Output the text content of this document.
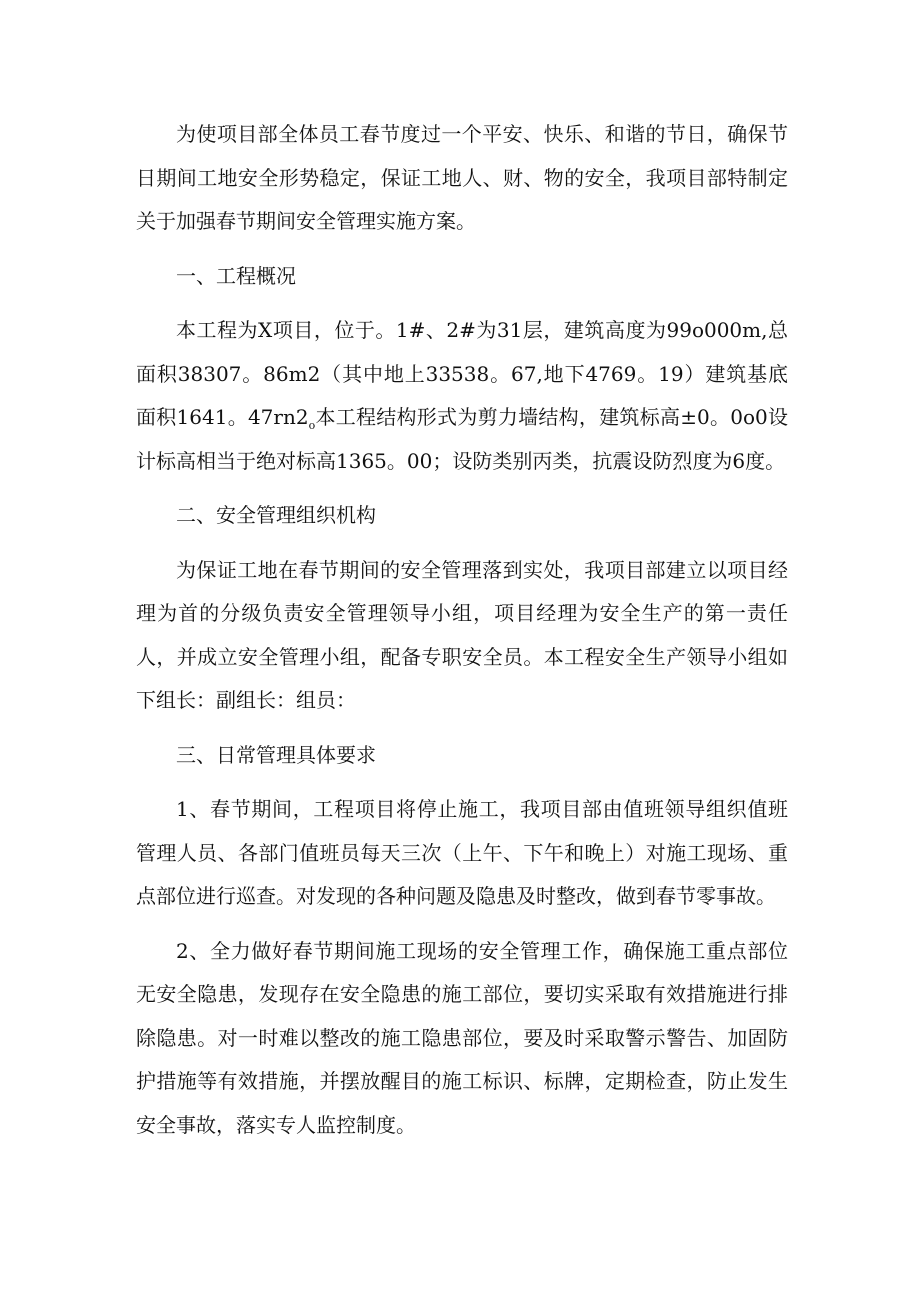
为使项目部全体员工春节度过一个平安、快乐、和谐的节日，确保节日期间工地安全形势稳定，保证工地人、财、物的安全，我项目部特制定关于加强春节期间安全管理实施方案。

一、工程概况

本工程为X项目，位于。1#、2#为31层，建筑高度为99o000m,总面积38307。86m2（其中地上33538。67,地下4769。19）建筑基底面积1641。$47rn2_o$本工程结构形式为剪力墙结构，建筑标高±0。0o0设计标高相当于绝对标高1365。00；设防类别丙类，抗震设防烈度为6度。

二、安全管理组织机构

为保证工地在春节期间的安全管理落到实处，我项目部建立以项目经理为首的分级负责安全管理领导小组，项目经理为安全生产的第一责任人，并成立安全管理小组，配备专职安全员。本工程安全生产领导小组如下组长：副组长：组员：

三、日常管理具体要求

1、春节期间，工程项目将停止施工，我项目部由值班领导组织值班管理人员、各部门值班员每天三次（上午、下午和晚上）对施工现场、重点部位进行巡查。对发现的各种问题及隐患及时整改，做到春节零事故。

2、全力做好春节期间施工现场的安全管理工作，确保施工重点部位无安全隐患，发现存在安全隐患的施工部位，要切实采取有效措施进行排除隐患。对一时难以整改的施工隐患部位，要及时采取警示警告、加固防护措施等有效措施，并摆放醒目的施工标识、标牌，定期检查，防止发生安全事故，落实专人监控制度。
